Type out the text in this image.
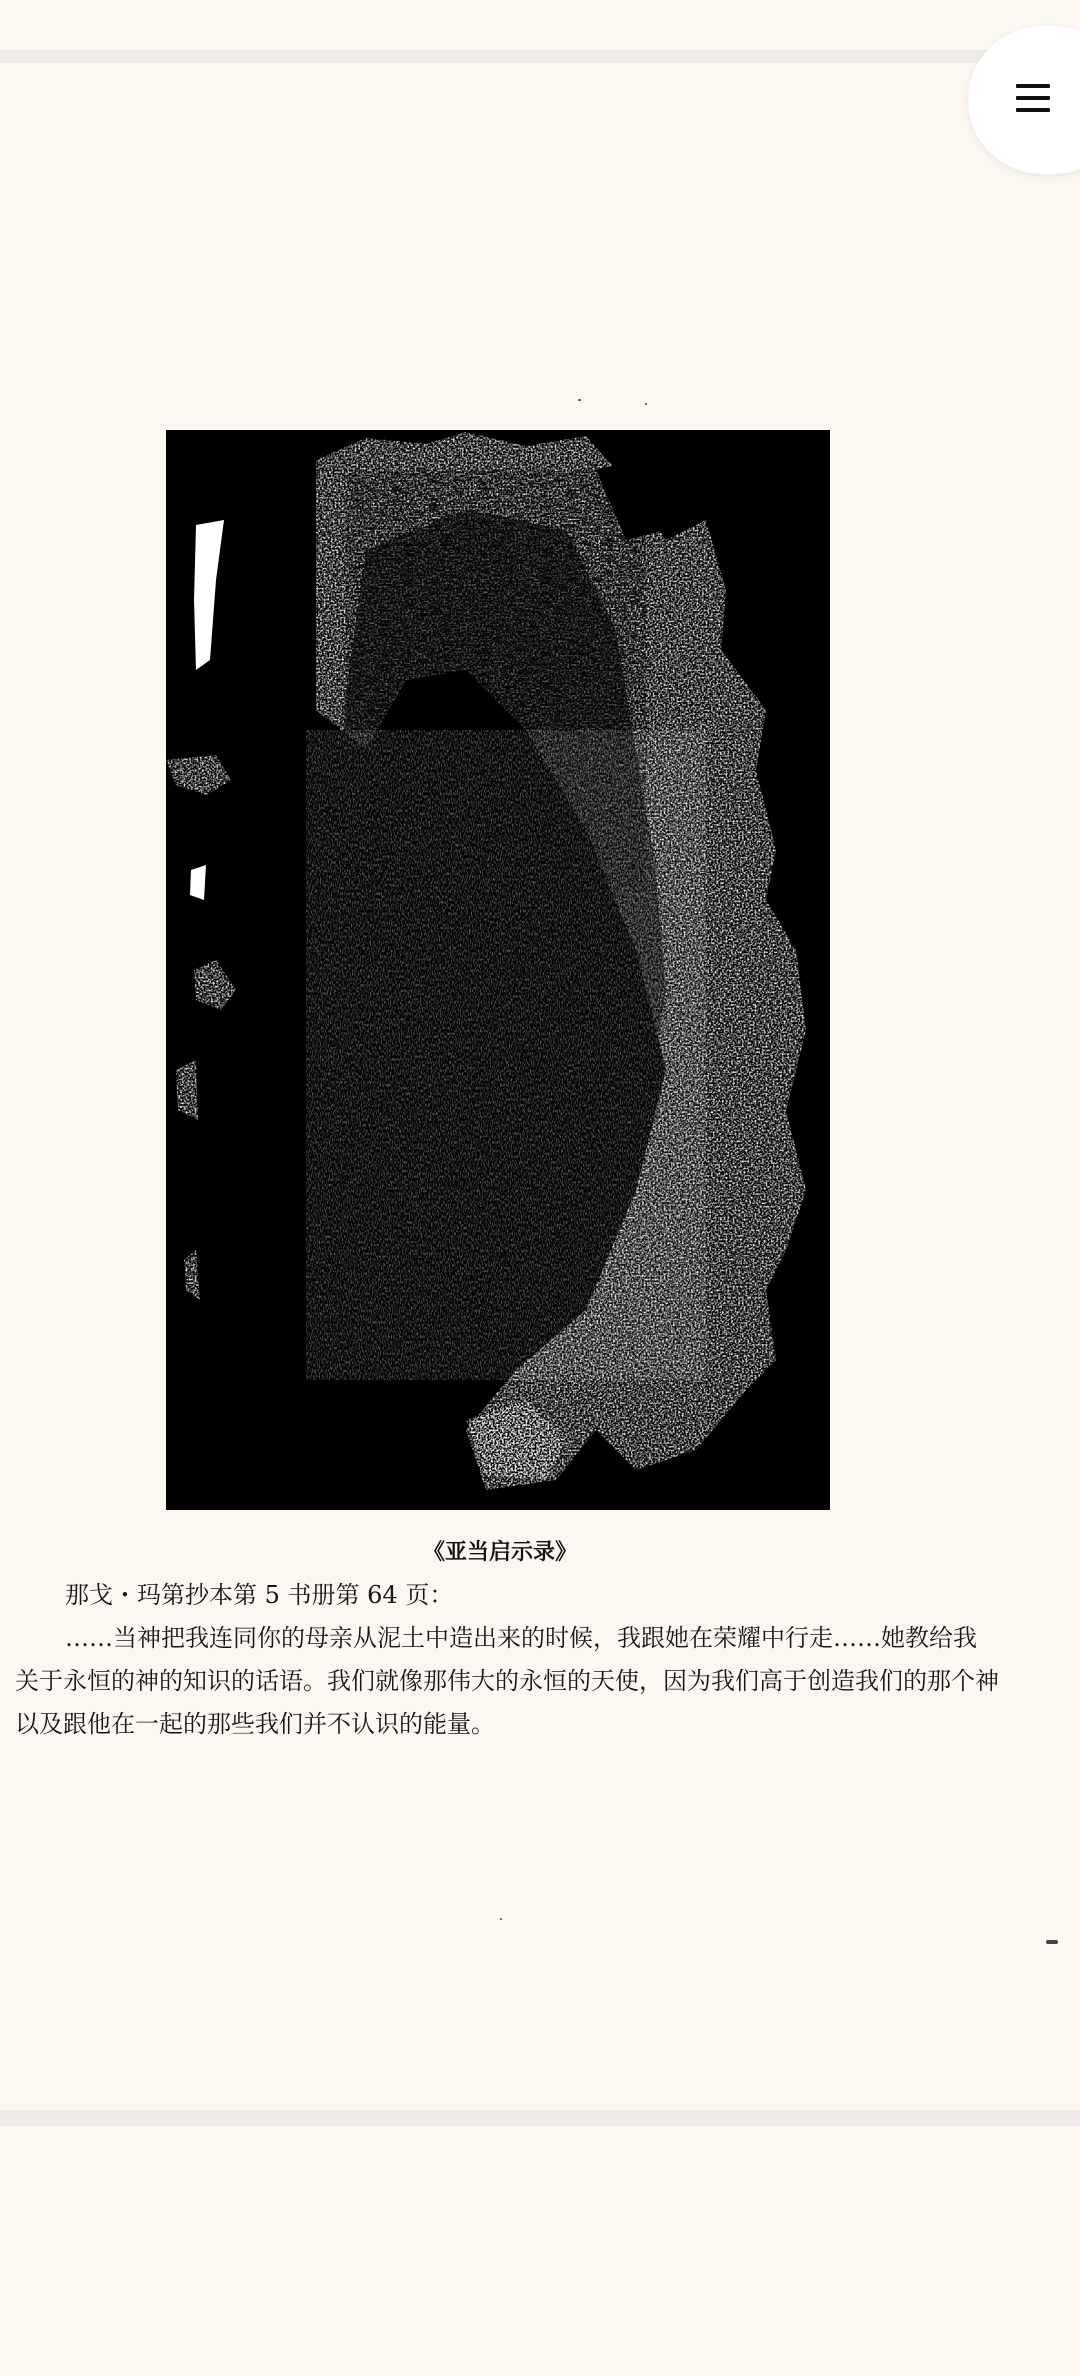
《亚当启示录》

那戈・玛第抄本第 5 书册第 64 页：

……当神把我连同你的母亲从泥土中造出来的时候，我跟她在荣耀中行走……她教给我关于永恒的神的知识的话语。我们就像那伟大的永恒的天使，因为我们高于创造我们的那个神以及跟他在一起的那些我们并不认识的能量。
